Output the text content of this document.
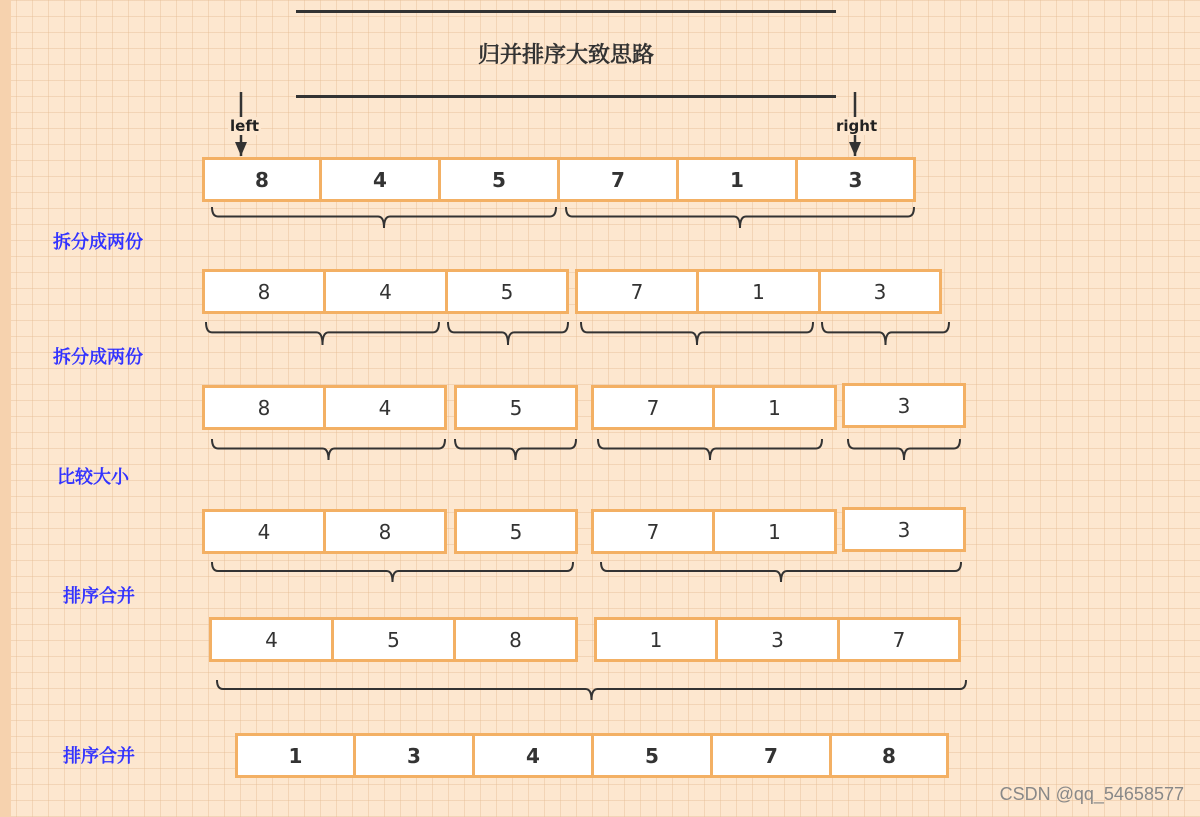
归并排序大致思路
left	right
拆分成两份
拆分成两份
比较大小
排序合并
排序合并
8	4	5	7	1	3
8	4	5	7	1	3
8	4	5	7	1	3
4	8	5	7	1	3
4	5	8	1	3	7
1	3	4	5	7	8
CSDN @qq_54658577
